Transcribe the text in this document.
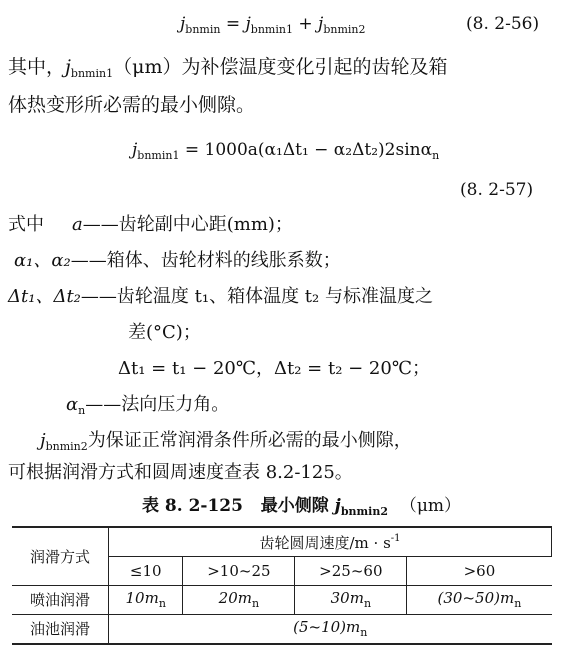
$j_{bnmin} = j_{bnmin1} + j_{bnmin2}$	(8. 2-56)
其中，$j_{bnmin1}(\mu m)$为补偿温度变化引起的齿轮及箱
体热变形所必需的最小侧隙。
$j_{bnmin1} = 1000a(\alpha_1\Delta t_1 - \alpha_2\Delta t_2)2\sin\alpha_n$
(8. 2-57)
式中 a——齿轮副中心距(mm)；
α₁、α₂——箱体、齿轮材料的线胀系数；
Δt₁、Δt₂——齿轮温度 t₁、箱体温度 t₂ 与标准温度之
差(°C)；
Δt₁ = t₁ − 20℃，Δt₂ = t₂ − 20℃；
$\alpha_n——$法向压力角。
$j_{bnmin2}$为保证正常润滑条件所必需的最小侧隙，
可根据润滑方式和圆周速度查表 8.2-125。
表 8. 2-125 最小侧隙 $j_{bnmin2}$ （μm）
润滑方式	齿轮圆周速度$/m \cdot s^{-1}$
	≤10	>10~25	>25~60	>60
喷油润滑	$10m_n$	$20m_n$	$30m_n$	$(30\sim 50)m_n$
油池润滑	$(5\sim 10)m_n$
